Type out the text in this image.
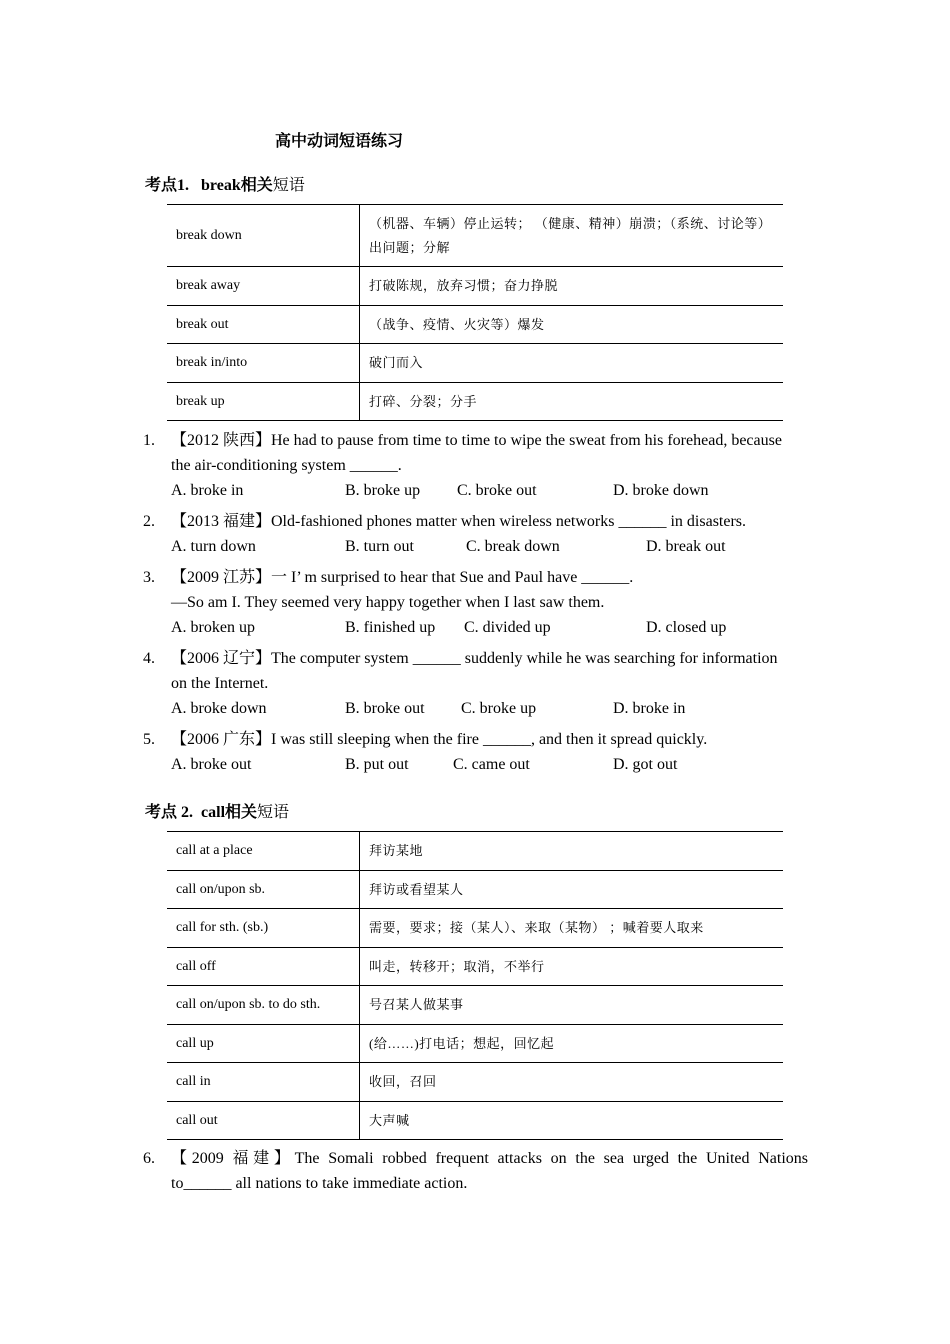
高中动词短语练习
考点1. break相关短语
break down	（机器、车辆）停止运转； （健康、精神）崩溃；（系统、讨论等）出问题；分解
break away	打破陈规，放弃习惯；奋力挣脱
break out	（战争、疫情、火灾等）爆发
break in/into	破门而入
break up	打碎、分裂；分手
1. 【2012 陕西】He had to pause from time to time to wipe the sweat from his forehead, because
the air-conditioning system ______.
A. broke in	B. broke up C. broke out	D. broke down
2. 【2013 福建】Old-fashioned phones matter when wireless networks ______ in disasters.
A. turn down	B. turn out	C. break down	D. break out
3. 【2009 江苏】一 I’ m surprised to hear that Sue and Paul have ______.
—So am I. They seemed very happy together when I last saw them.
A. broken up	B. finished up C. divided up	D. closed up
4. 【2006 辽宁】The computer system ______ suddenly while he was searching for information
on the Internet.
A. broke down	B. broke out C. broke up	D. broke in
5. 【2006 广东】I was still sleeping when the fire ______, and then it spread quickly.
A. broke out	B. put out	C. came out	D. got out
考点 2. call相关短语
call at a place	拜访某地
call on/upon sb.	拜访或看望某人
call for sth. (sb.)	需要，要求；接（某人）、来取（某物） ；喊着要人取来
call off	叫走，转移开；取消，不举行
call on/upon sb. to do sth.	号召某人做某事
call up	(给……)打电话；想起，回忆起
call in	收回，召回
call out	大声喊
6. 【2009 福建】The Somali robbed frequent attacks on the sea urged the United Nations
to______ all nations to take immediate action.
